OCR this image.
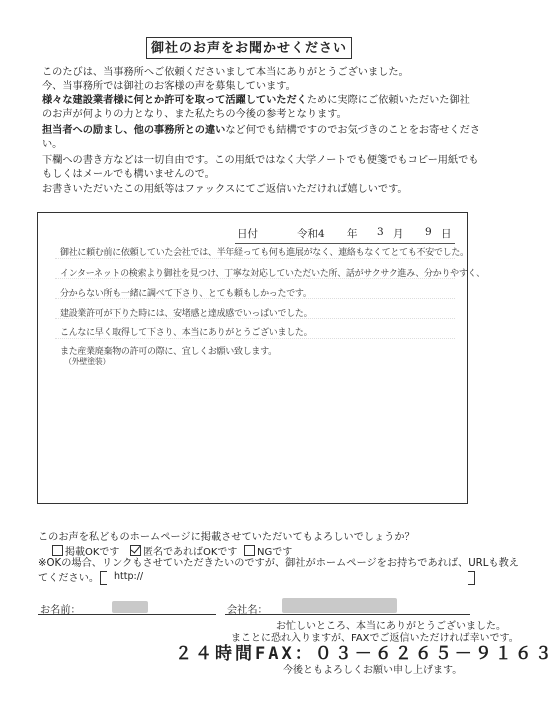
御社のお声をお聞かせください
このたびは、当事務所へご依頼くださいまして本当にありがとうございました。
今、当事務所では御社のお客様の声を募集しています。
様々な建設業者様に何とか許可を取って活躍していただくために実際にご依頼いただいた御社
のお声が何よりの力となり、また私たちの今後の参考となります。
担当者への励まし、他の事務所との違いなど何でも結構ですのでお気づきのことをお寄せくださ
い。
下欄への書き方などは一切自由です。この用紙ではなく大学ノートでも便箋でもコピー用紙でも
もしくはメールでも構いませんので。
お書きいただいたこの用紙等はファックスにてご返信いただければ嬉しいです。
日付	令和4 年 3 月 9 日
御社に頼む前に依頼していた会社では、半年経っても何も進展がなく、連絡もなくてとても不安でした。
インターネットの検索より御社を見つけ、丁寧な対応していただいた所、話がサクサク進み、分かりやすく、
分からない所も一緒に調べて下さり、とても頼もしかったです。
建設業許可が下りた時には、安堵感と達成感でいっぱいでした。
こんなに早く取得して下さり、本当にありがとうございました。
また産業廃棄物の許可の際に、宜しくお願い致します。
（外壁塗装）
このお声を私どものホームページに掲載させていただいてもよろしいでしょうか？
掲載OKです	匿名であればOKです	NGです
※OKの場合、リンクもさせていただきたいのですが、御社がホームページをお持ちであれば、URLも教え
てください。	http://
お名前：	会社名：
お忙しいところ、本当にありがとうございました。
まことに恐れ入りますが、FAXでご返信いただければ幸いです。
２４時間FAX：０３－６２６５－９１６３
今後ともよろしくお願い申し上げます。
